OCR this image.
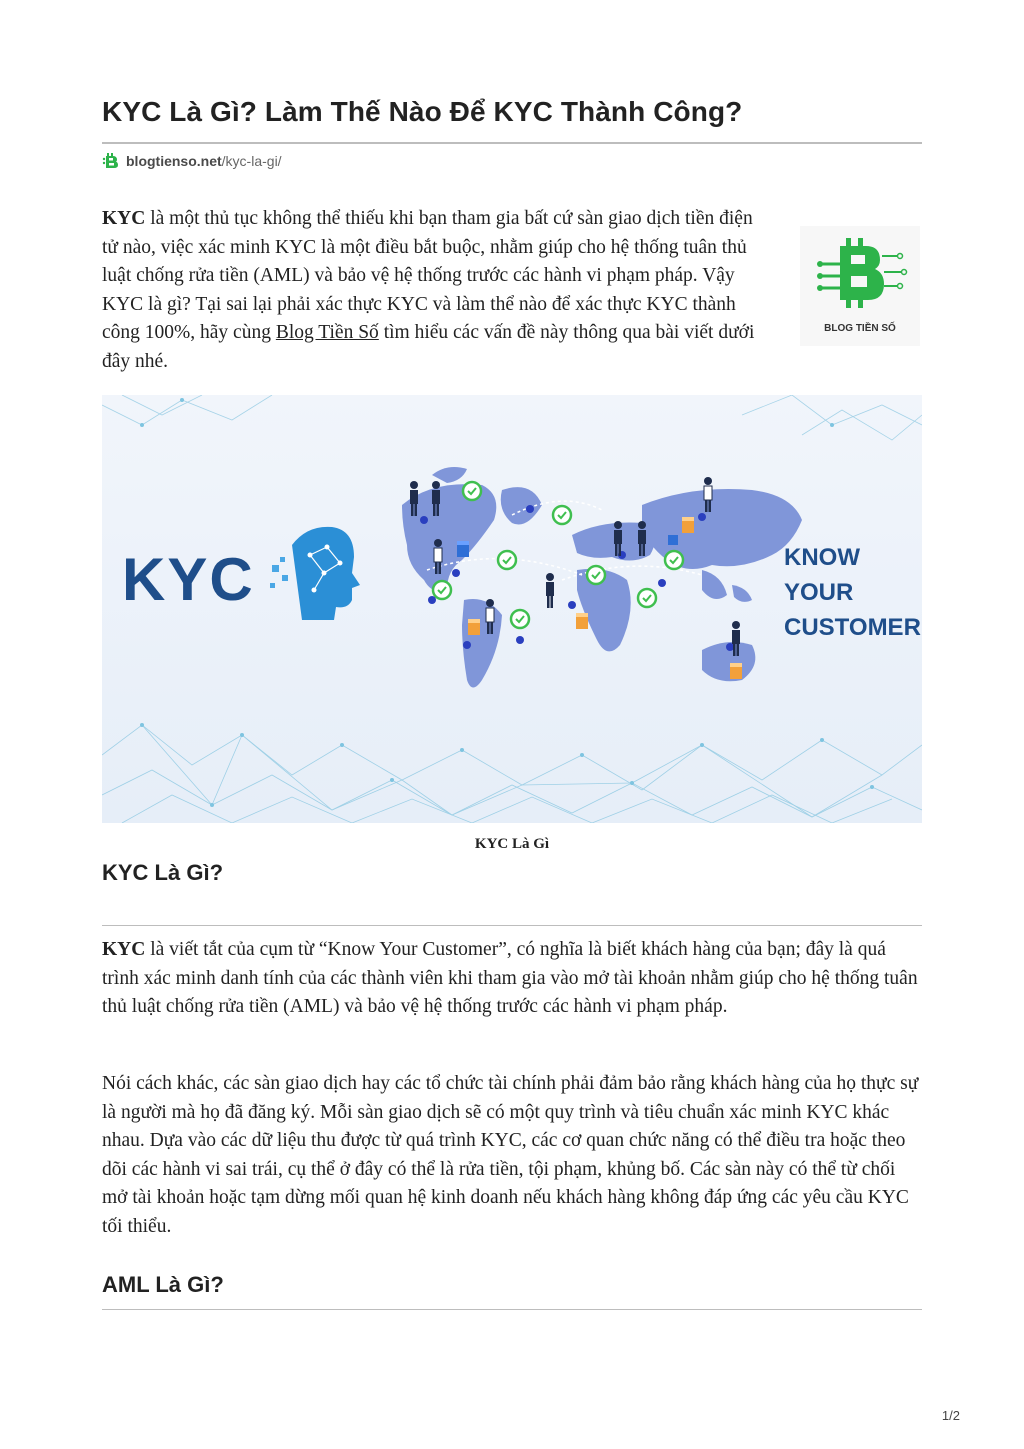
KYC Là Gì? Làm Thế Nào Để KYC Thành Công?
blogtienso.net /kyc-la-gi/

KYC là một thủ tục không thể thiếu khi bạn tham gia bất cứ sàn giao dịch tiền điện tử nào, việc xác minh KYC là một điều bắt buộc, nhằm giúp cho hệ thống tuân thủ luật chống rửa tiền (AML) và bảo vệ hệ thống trước các hành vi phạm pháp. Vậy KYC là gì? Tại sai lại phải xác thực KYC và làm thể nào để xác thực KYC thành công 100%, hãy cùng Blog Tiền Số tìm hiểu các vấn đề này thông qua bài viết dưới đây nhé.

BLOG TIỀN SỐ
KYC	KNOW
YOUR
CUSTOMER
KYC Là Gì
KYC Là Gì?

KYC là viết tắt của cụm từ “Know Your Customer”, có nghĩa là biết khách hàng của bạn; đây là quá trình xác minh danh tính của các thành viên khi tham gia vào mở tài khoản nhằm giúp cho hệ thống tuân thủ luật chống rửa tiền (AML) và bảo vệ hệ thống trước các hành vi phạm pháp.

Nói cách khác, các sàn giao dịch hay các tổ chức tài chính phải đảm bảo rằng khách hàng của họ thực sự là người mà họ đã đăng ký. Mỗi sàn giao dịch sẽ có một quy trình và tiêu chuẩn xác minh KYC khác nhau. Dựa vào các dữ liệu thu được từ quá trình KYC, các cơ quan chức năng có thể điều tra hoặc theo dõi các hành vi sai trái, cụ thể ở đây có thể là rửa tiền, tội phạm, khủng bố. Các sàn này có thể từ chối mở tài khoản hoặc tạm dừng mối quan hệ kinh doanh nếu khách hàng không đáp ứng các yêu cầu KYC tối thiểu.

AML Là Gì?
1/2
